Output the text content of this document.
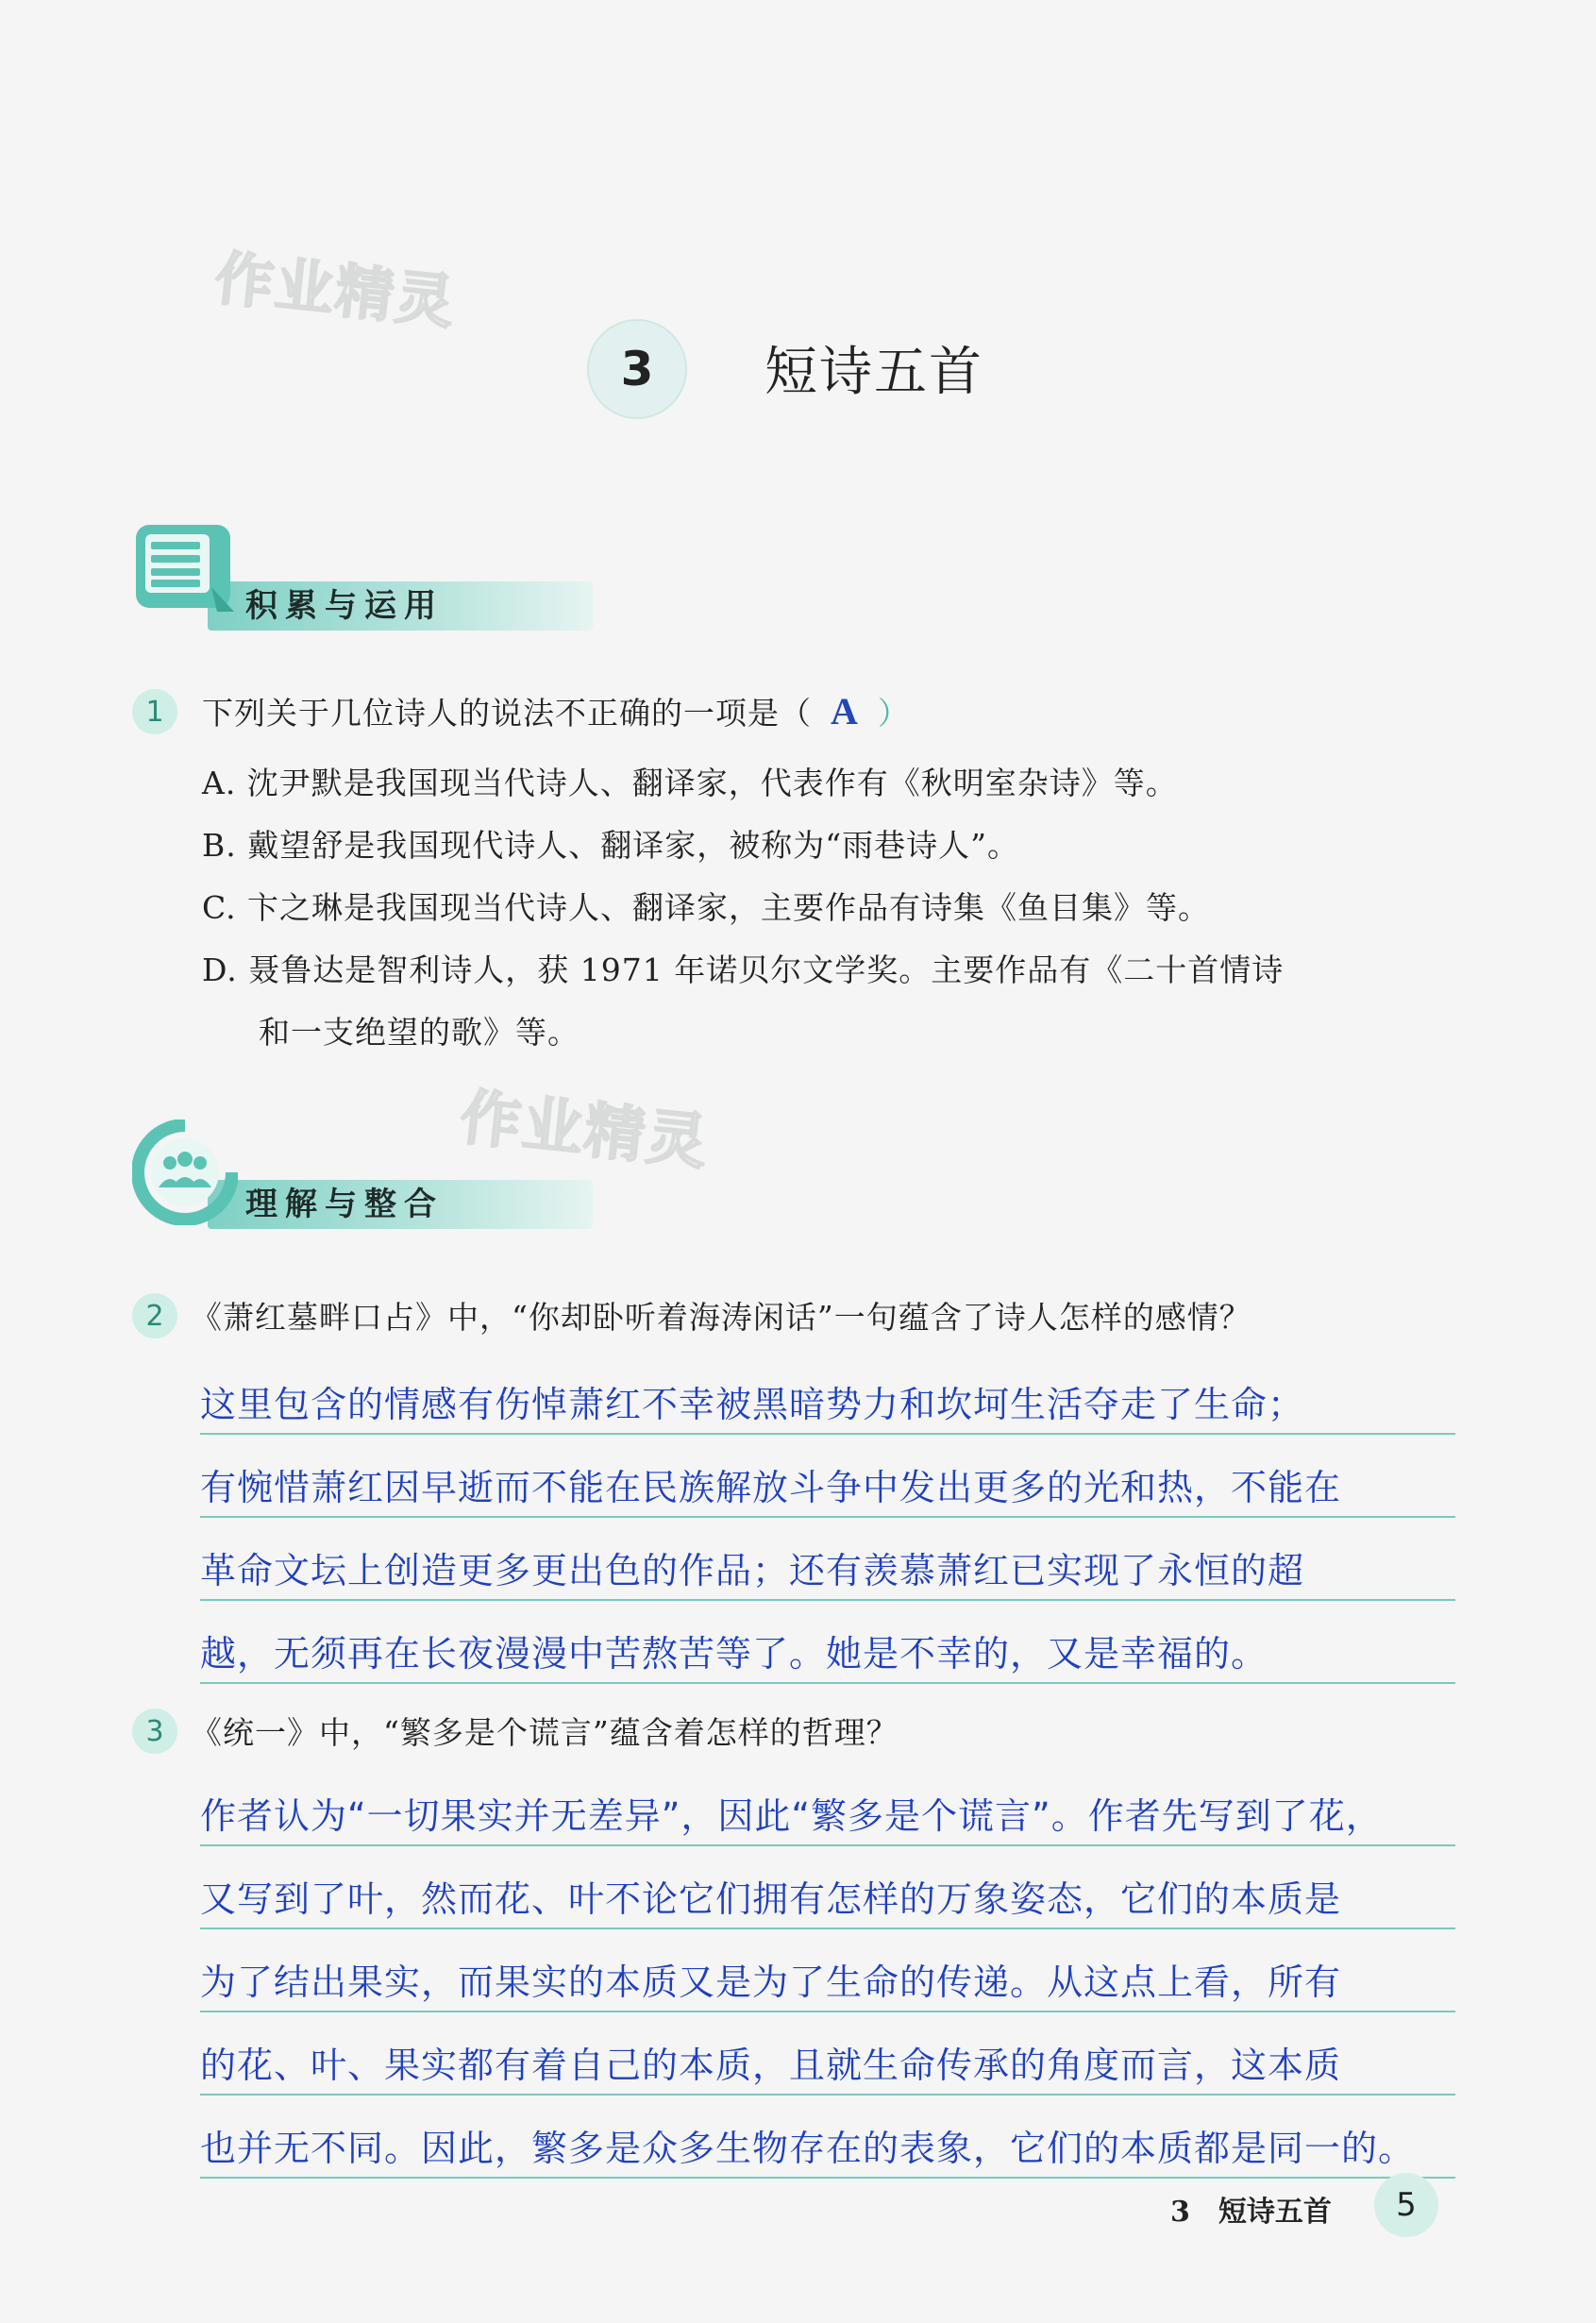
作业精灵
作业精灵
3	短诗五首
积累与运用
1	下列关于几位诗人的说法不正确的一项是（ A ）
A. 沈尹默是我国现当代诗人、翻译家，代表作有《秋明室杂诗》等。
B. 戴望舒是我国现代诗人、翻译家，被称为“雨巷诗人”。
C. 卞之琳是我国现当代诗人、翻译家，主要作品有诗集《鱼目集》等。
D. 聂鲁达是智利诗人，获 1971 年诺贝尔文学奖。主要作品有《二十首情诗
和一支绝望的歌》等。
理解与整合
2 《萧红墓畔口占》中，“你却卧听着海涛闲话”一句蕴含了诗人怎样的感情？
这里包含的情感有伤悼萧红不幸被黑暗势力和坎坷生活夺走了生命；
有惋惜萧红因早逝而不能在民族解放斗争中发出更多的光和热，不能在
革命文坛上创造更多更出色的作品；还有羡慕萧红已实现了永恒的超
越，无须再在长夜漫漫中苦熬苦等了。她是不幸的，又是幸福的。
3 《统一》中，“繁多是个谎言”蕴含着怎样的哲理？
作者认为“一切果实并无差异”，因此“繁多是个谎言”。作者先写到了花，
又写到了叶，然而花、叶不论它们拥有怎样的万象姿态，它们的本质是
为了结出果实，而果实的本质又是为了生命的传递。从这点上看，所有
的花、叶、果实都有着自己的本质，且就生命传承的角度而言，这本质
也并无不同。因此，繁多是众多生物存在的表象，它们的本质都是同一的。
3　短诗五首	5
